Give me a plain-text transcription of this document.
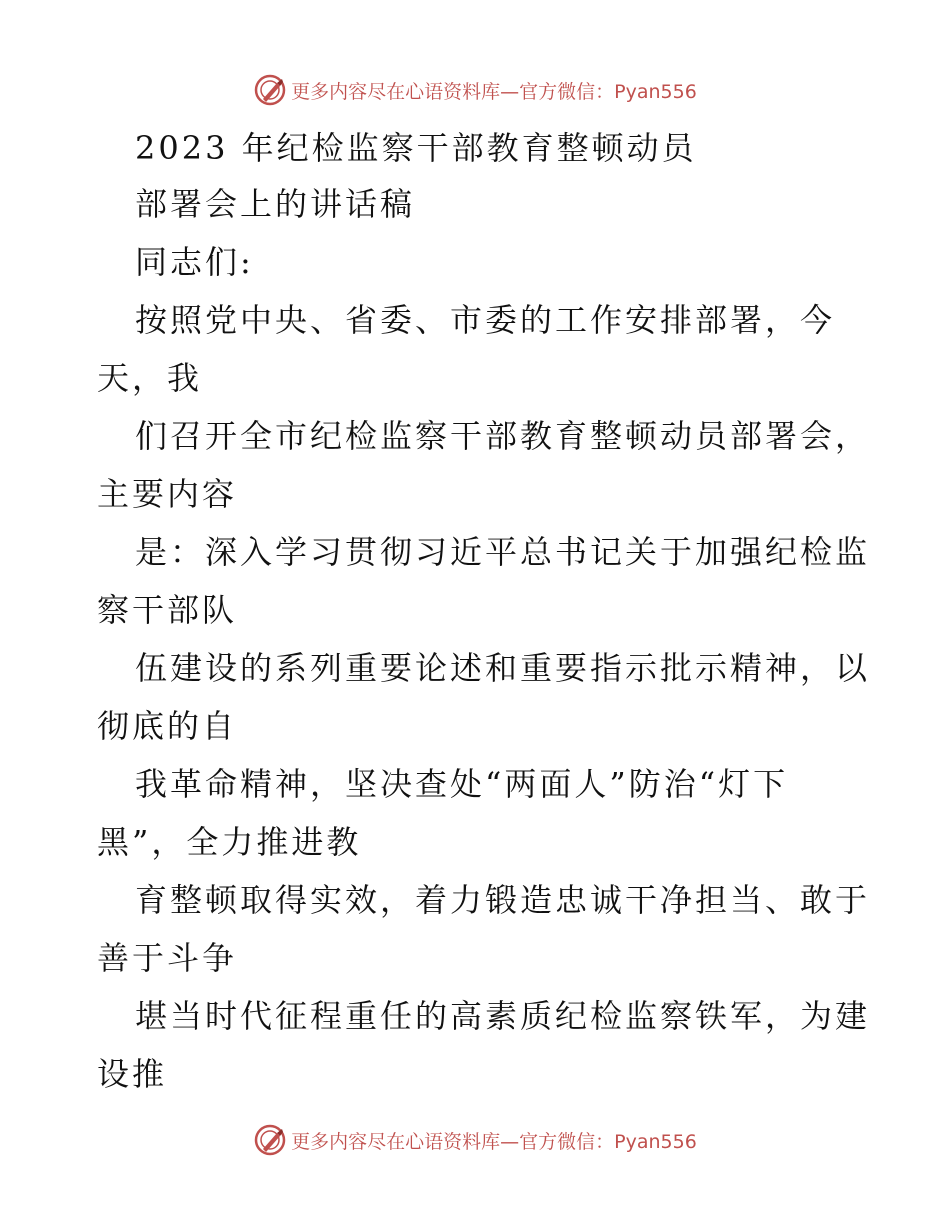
更多内容尽在心语资料库—官方微信：Pyan556
2023 年纪检监察干部教育整顿动员
部署会上的讲话稿
同志们:
按照党中央、省委、市委的工作安排部署，今
天，我
们召开全市纪检监察干部教育整顿动员部署会，
主要内容
是：深入学习贯彻习近平总书记关于加强纪检监
察干部队
伍建设的系列重要论述和重要指示批示精神，以
彻底的自
我革命精神，坚决查处“两面人”防治“灯下
黑”，全力推进教
育整顿取得实效，着力锻造忠诚干净担当、敢于
善于斗争
堪当时代征程重任的高素质纪检监察铁军，为建
设推
更多内容尽在心语资料库—官方微信：Pyan556
